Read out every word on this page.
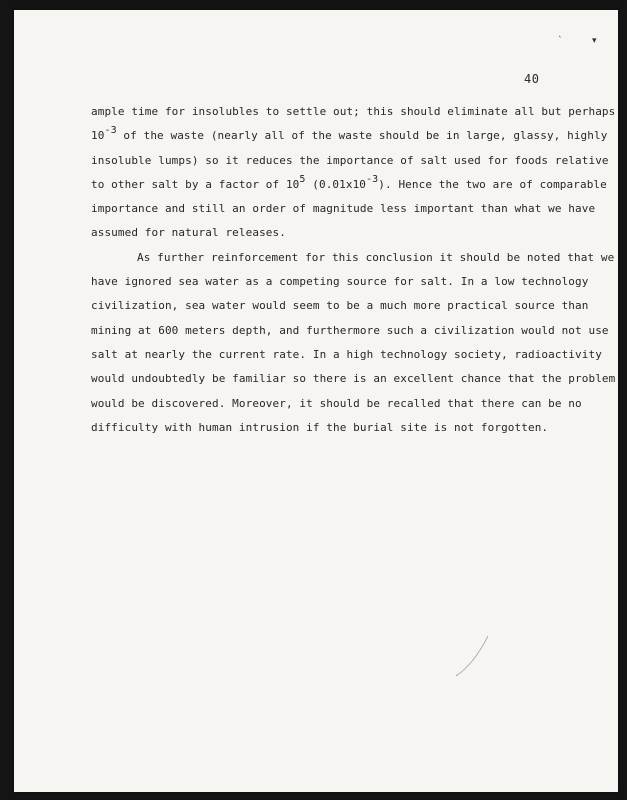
ˋ	▾
40
ample time for insolubles to settle out; this should eliminate all but perhaps
$10^{-3}$ of the waste (nearly all of the waste should be in large, glassy, highly
insoluble lumps) so it reduces the importance of salt used for foods relative
to other salt by a factor of $10^5$ $(0.01x10^{-3})$. Hence the two are of comparable
importance and still an order of magnitude less important than what we have
assumed for natural releases.
As further reinforcement for this conclusion it should be noted that we
have ignored sea water as a competing source for salt. In a low technology
civilization, sea water would seem to be a much more practical source than
mining at 600 meters depth, and furthermore such a civilization would not use
salt at nearly the current rate. In a high technology society, radioactivity
would undoubtedly be familiar so there is an excellent chance that the problem
would be discovered. Moreover, it should be recalled that there can be no
difficulty with human intrusion if the burial site is not forgotten.
